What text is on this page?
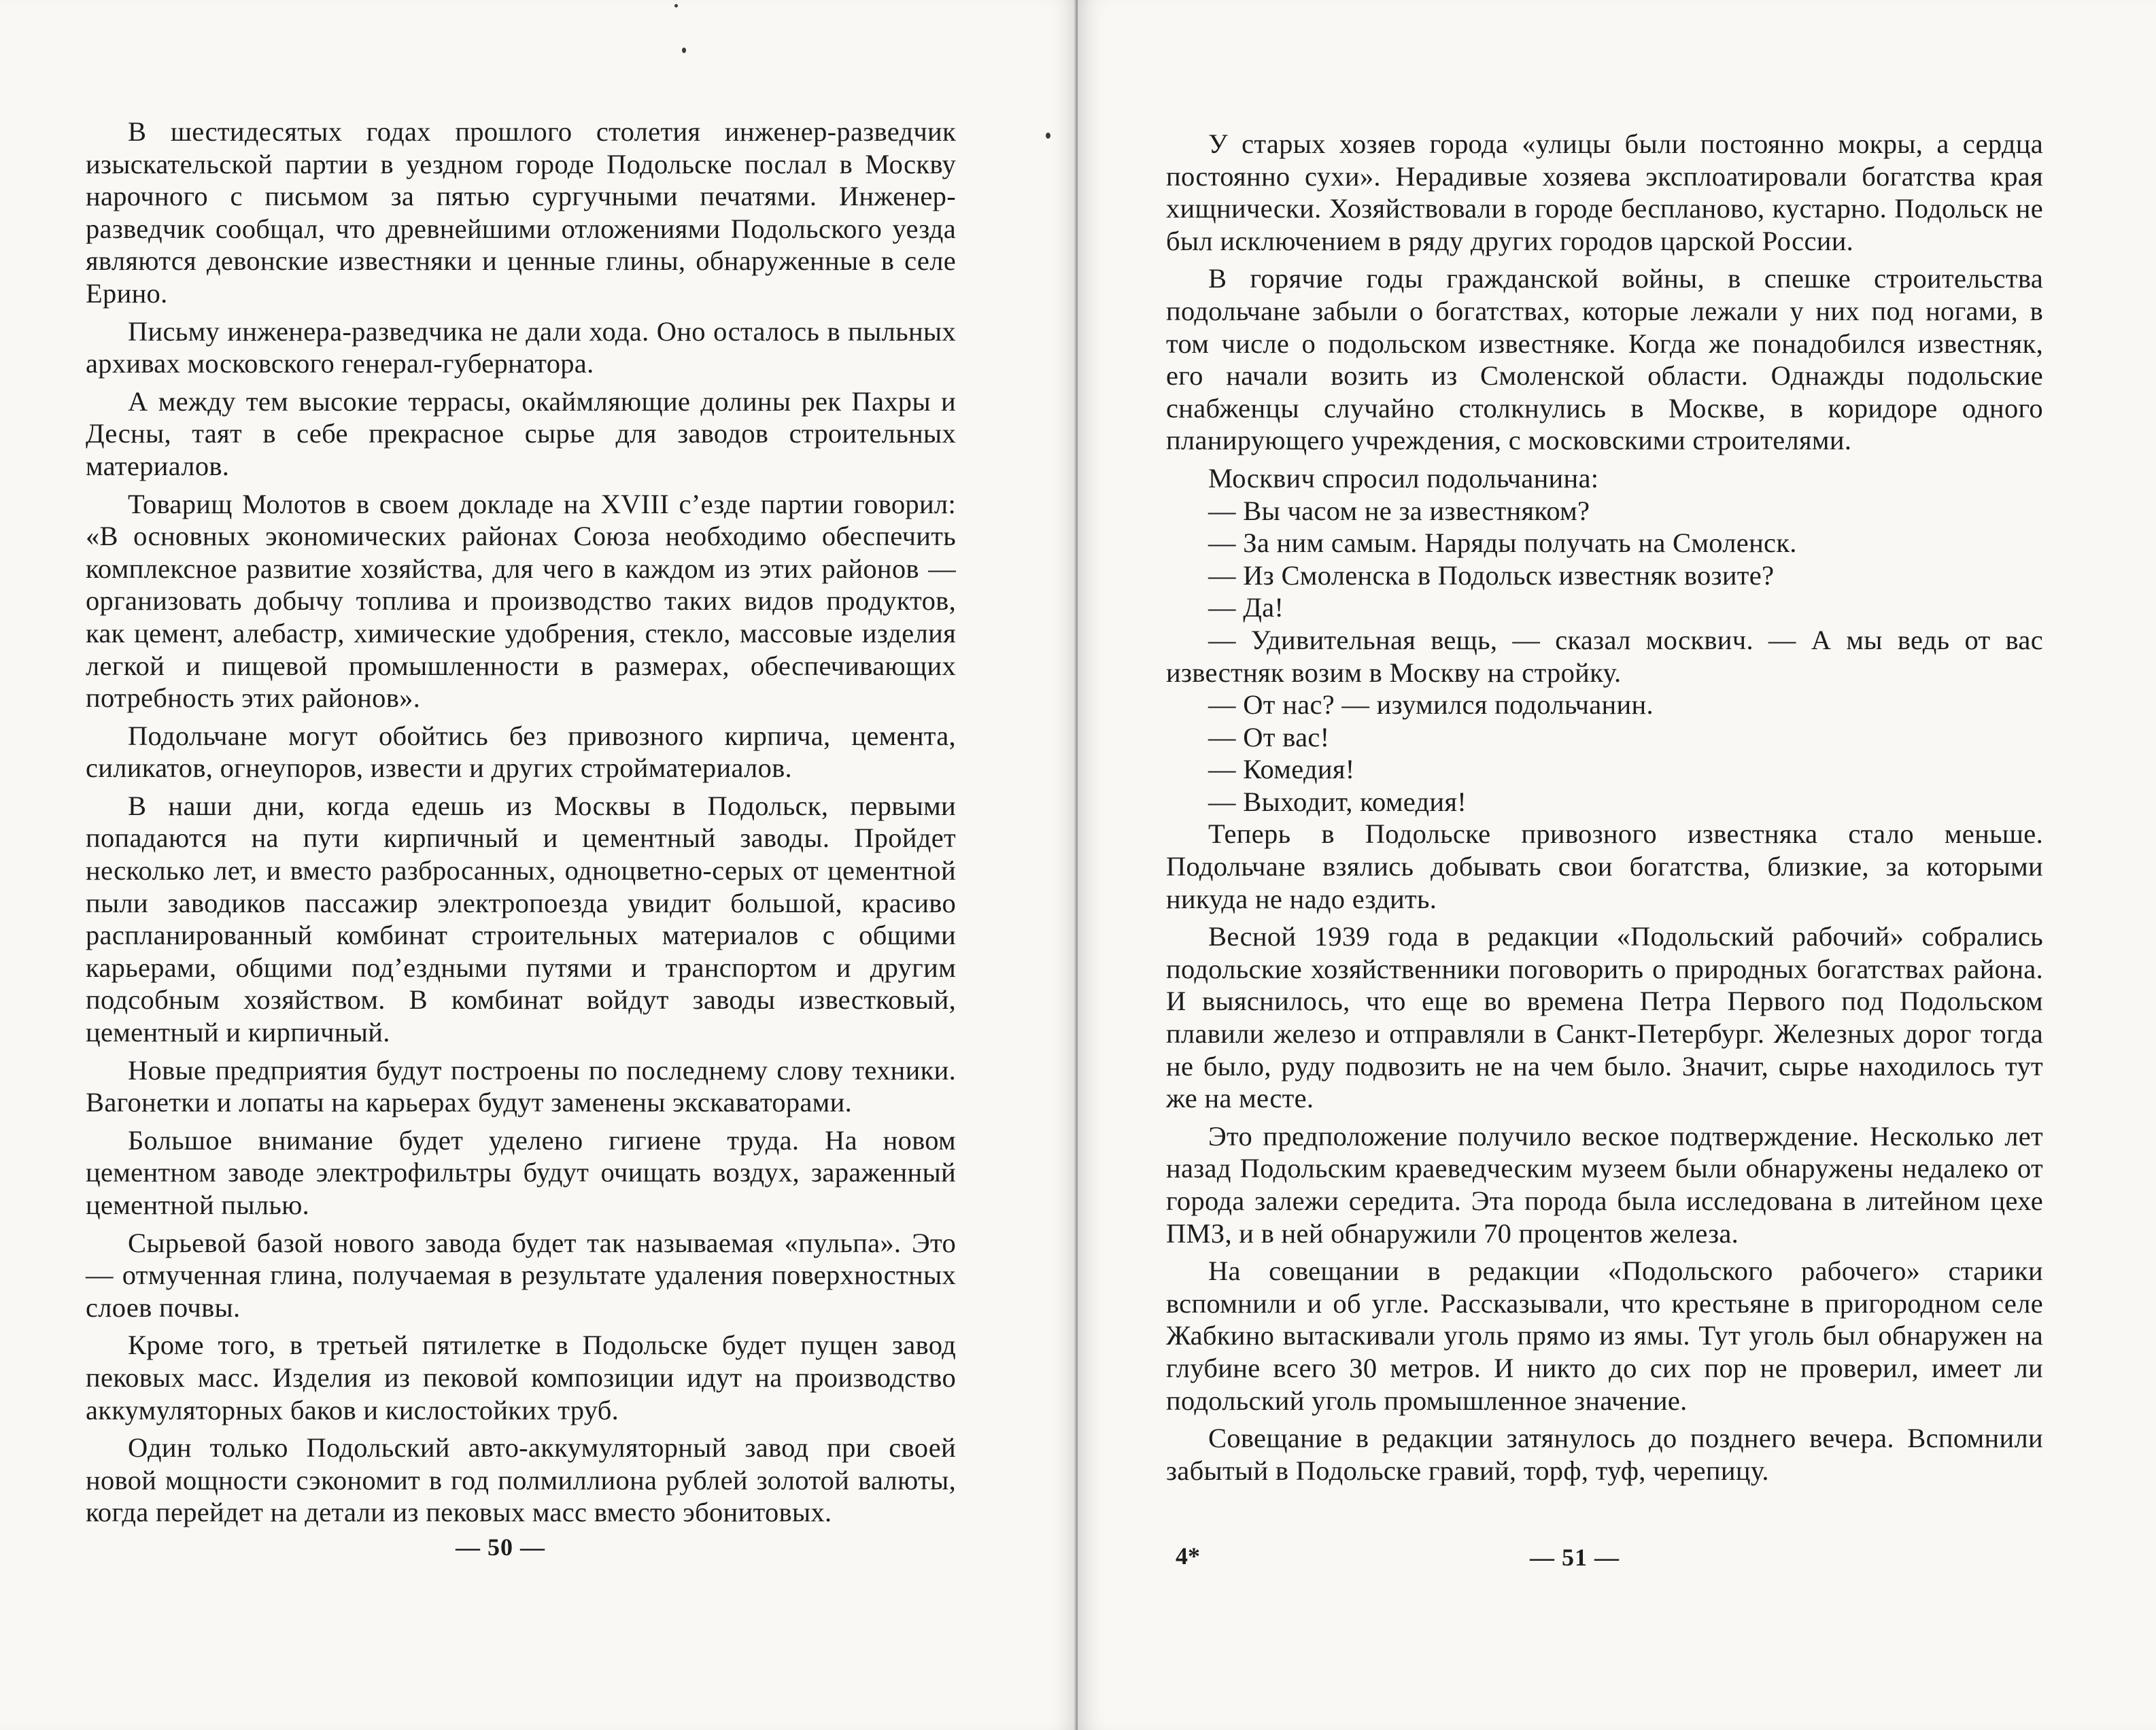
В шестидесятых годах прошлого столетия инженер-разведчик изыскательской партии в уездном городе Подольске послал в Москву нарочного с письмом за пятью сургучными печатями. Инженер-разведчик сообщал, что древнейшими отложениями Подольского уезда являются девонские известняки и ценные глины, обнаруженные в селе Ерино.

Письму инженера-разведчика не дали хода. Оно осталось в пыльных архивах московского генерал-губернатора.

А между тем высокие террасы, окаймляющие долины рек Пахры и Десны, таят в себе прекрасное сырье для заводов строительных материалов.

Товарищ Молотов в своем докладе на XVIII с’езде партии говорил: «В основных экономических районах Союза необходимо обеспечить комплексное развитие хозяйства, для чего в каждом из этих районов — организовать добычу топлива и производство таких видов продуктов, как цемент, алебастр, химические удобрения, стекло, массовые изделия легкой и пищевой промышленности в размерах, обеспечивающих потребность этих районов».

Подольчане могут обойтись без привозного кирпича, цемента, силикатов, огнеупоров, извести и других стройматериалов.

В наши дни, когда едешь из Москвы в Подольск, первыми попадаются на пути кирпичный и цементный заводы. Пройдет несколько лет, и вместо разбросанных, одноцветно-серых от цементной пыли заводиков пассажир электропоезда увидит большой, красиво распланированный комбинат строительных материалов с общими карьерами, общими под’ездными путями и транспортом и другим подсобным хозяйством. В комбинат войдут заводы известковый, цементный и кирпичный.

Новые предприятия будут построены по последнему слову техники. Вагонетки и лопаты на карьерах будут заменены экскаваторами.

Большое внимание будет уделено гигиене труда. На новом цементном заводе электрофильтры будут очищать воздух, зараженный цементной пылью.

Сырьевой базой нового завода будет так называемая «пульпа». Это — отмученная глина, получаемая в результате удаления поверхностных слоев почвы.

Кроме того, в третьей пятилетке в Подольске будет пущен завод пековых масс. Изделия из пековой композиции идут на производство аккумуляторных баков и кислостойких труб.

Один только Подольский авто-аккумуляторный завод при своей новой мощности сэкономит в год полмиллиона рублей золотой валюты, когда перейдет на детали из пековых масс вместо эбонитовых.

— 50 —

У старых хозяев города «улицы были постоянно мокры, а сердца постоянно сухи». Нерадивые хозяева эксплоатировали богатства края хищнически. Хозяйствовали в городе бесплановo, кустарно. Подольск не был исключением в ряду других городов царской России.

В горячие годы гражданской войны, в спешке строительства подольчане забыли о богатствах, которые лежали у них под ногами, в том числе о подольском известняке. Когда же понадобился известняк, его начали возить из Смоленской области. Однажды подольские снабженцы случайно столкнулись в Москве, в коридоре одного планирующего учреждения, с московскими строителями.

Москвич спросил подольчанина:

— Вы часом не за известняком?

— За ним самым. Наряды получать на Смоленск.

— Из Смоленска в Подольск известняк возите?

— Да!

— Удивительная вещь, — сказал москвич. — А мы ведь от вас известняк возим в Москву на стройку.

— От нас? — изумился подольчанин.

— От вас!

— Комедия!

— Выходит, комедия!

Теперь в Подольске привозного известняка стало меньше. Подольчане взялись добывать свои богатства, близкие, за которыми никуда не надо ездить.

Весной 1939 года в редакции «Подольский рабочий» собрались подольские хозяйственники поговорить о природных богатствах района. И выяснилось, что еще во времена Петра Первого под Подольском плавили железо и отправляли в Санкт-Петербург. Железных дорог тогда не было, руду подвозить не на чем было. Значит, сырье находилось тут же на месте.

Это предположение получило веское подтверждение. Несколько лет назад Подольским краеведческим музеем были обнаружены недалеко от города залежи середита. Эта порода была исследована в литейном цехе ПМЗ, и в ней обнаружили 70 процентов железа.

На совещании в редакции «Подольского рабочего» старики вспомнили и об угле. Рассказывали, что крестьяне в пригородном селе Жабкино вытаскивали уголь прямо из ямы. Тут уголь был обнаружен на глубине всего 30 метров. И никто до сих пор не проверил, имеет ли подольский уголь промышленное значение.

Совещание в редакции затянулось до позднего вечера. Вспомнили забытый в Подольске гравий, торф, туф, черепицу.

4*	— 51 —
